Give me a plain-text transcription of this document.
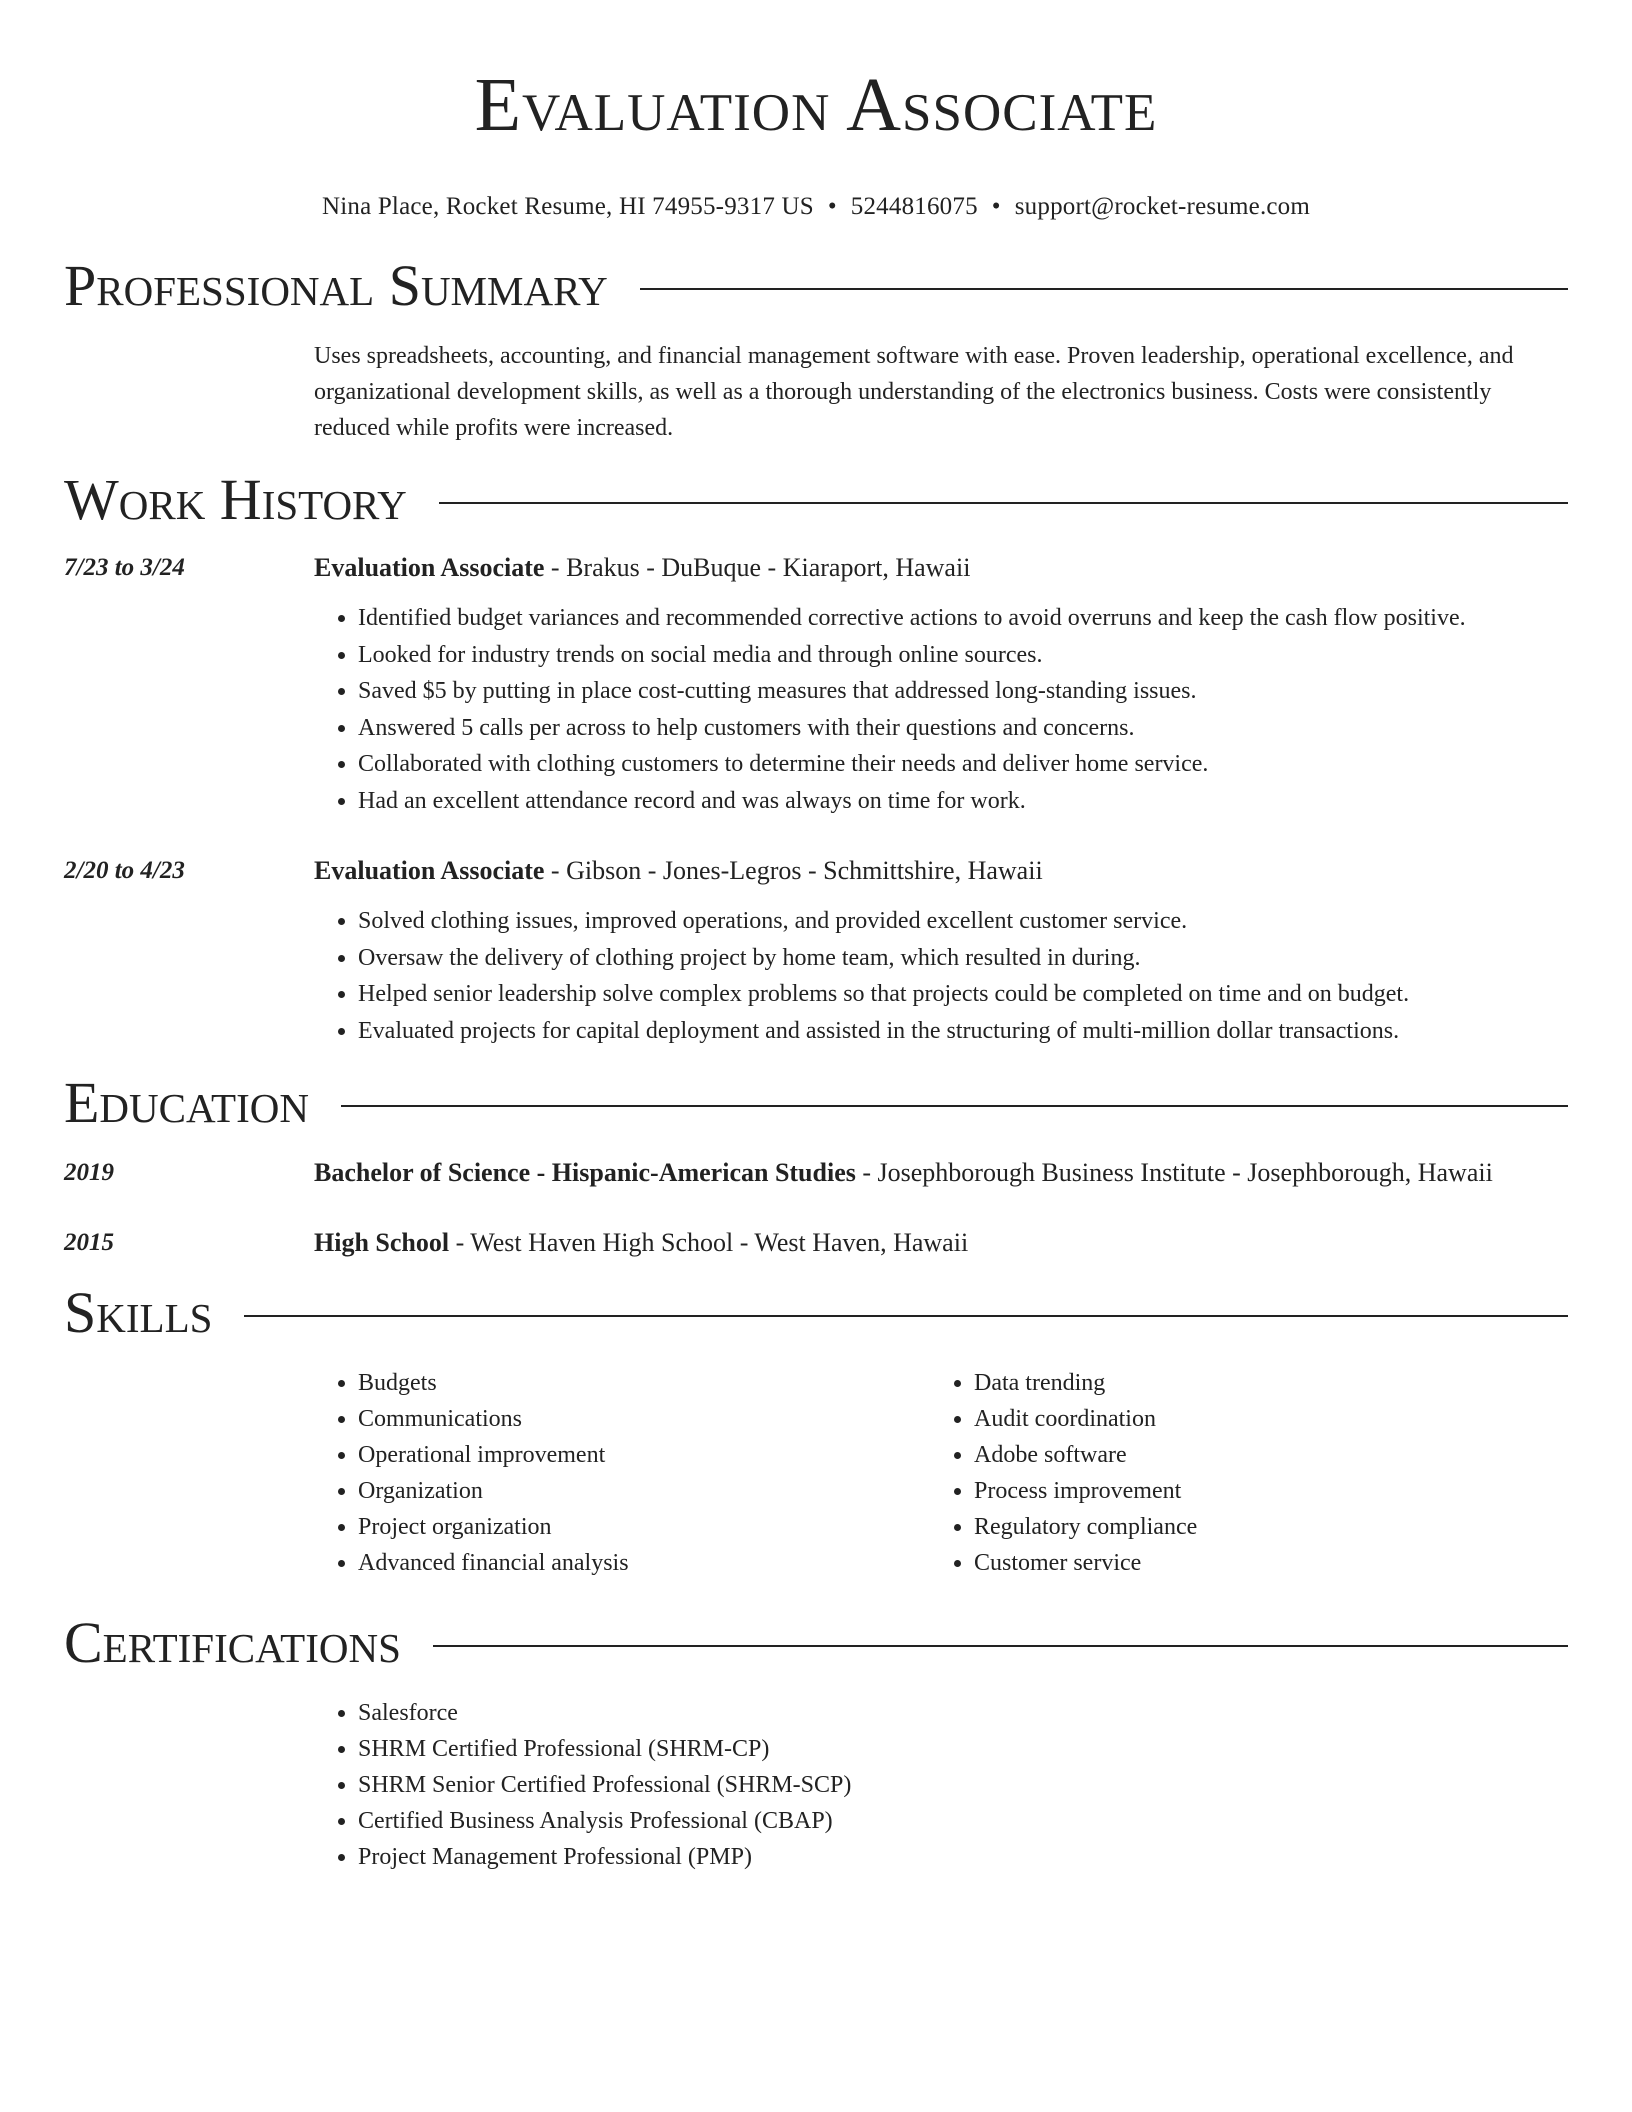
Evaluation Associate
Nina Place, Rocket Resume, HI 74955-9317 US • 5244816075 • support@rocket-resume.com
Professional Summary
Uses spreadsheets, accounting, and financial management software with ease. Proven leadership, operational excellence, and organizational development skills, as well as a thorough understanding of the electronics business. Costs were consistently reduced while profits were increased.
Work History
7/23 to 3/24	Evaluation Associate - Brakus - DuBuque - Kiaraport, Hawaii
• Identified budget variances and recommended corrective actions to avoid overruns and keep the cash flow positive.
• Looked for industry trends on social media and through online sources.
• Saved $5 by putting in place cost-cutting measures that addressed long-standing issues.
• Answered 5 calls per across to help customers with their questions and concerns.
• Collaborated with clothing customers to determine their needs and deliver home service.
• Had an excellent attendance record and was always on time for work.
2/20 to 4/23	Evaluation Associate - Gibson - Jones-Legros - Schmittshire, Hawaii
• Solved clothing issues, improved operations, and provided excellent customer service.
• Oversaw the delivery of clothing project by home team, which resulted in during.
• Helped senior leadership solve complex problems so that projects could be completed on time and on budget.
• Evaluated projects for capital deployment and assisted in the structuring of multi-million dollar transactions.
Education
2019	Bachelor of Science - Hispanic-American Studies - Josephborough Business Institute - Josephborough, Hawaii
2015	High School - West Haven High School - West Haven, Hawaii
Skills
• Budgets
• Communications
• Operational improvement
• Organization
• Project organization
• Advanced financial analysis
• Data trending
• Audit coordination
• Adobe software
• Process improvement
• Regulatory compliance
• Customer service
Certifications
• Salesforce
• SHRM Certified Professional (SHRM-CP)
• SHRM Senior Certified Professional (SHRM-SCP)
• Certified Business Analysis Professional (CBAP)
• Project Management Professional (PMP)
